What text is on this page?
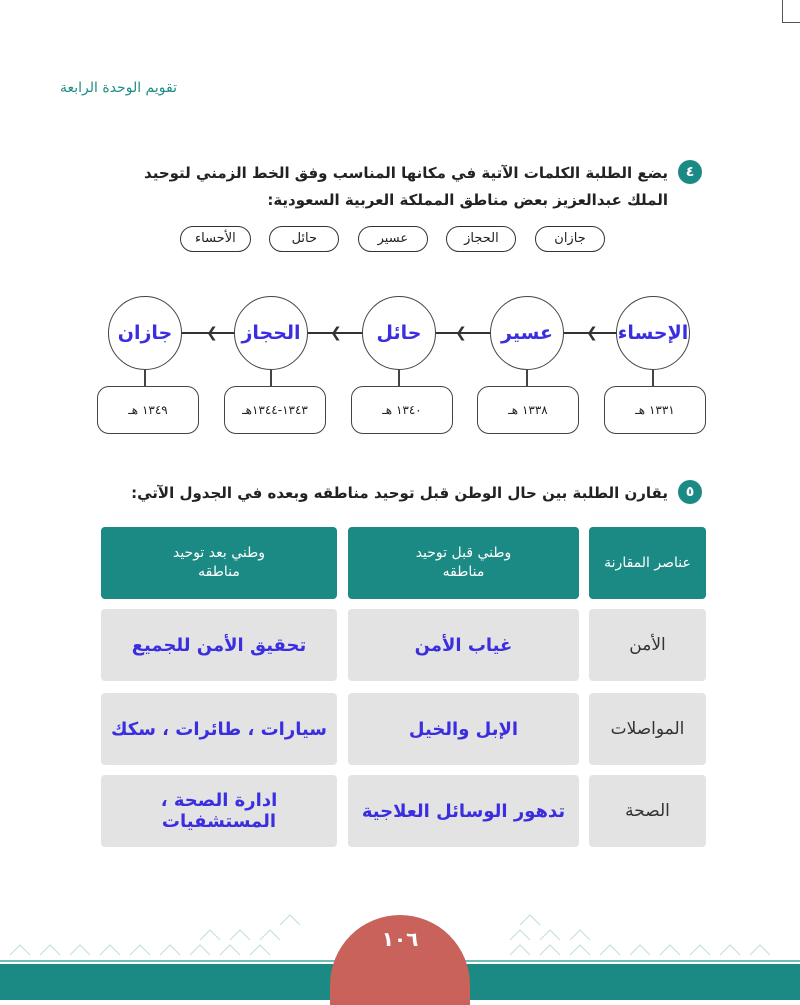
تقويم الوحدة الرابعة
٤
يضع الطلبة الكلمات الآتية في مكانها المناسب وفق الخط الزمني لتوحيد
الملك عبدالعزيز بعض مناطق المملكة العربية السعودية:
جازان
الحجاز
عسير
حائل
الأحساء
❮
❮
❮
❮	الإحساء
عسير
حائل
الحجاز
جازان
١٣٣١ هـ
١٣٣٨ هـ
١٣٤٠ هـ
١٣٤٣-١٣٤٤هـ
١٣٤٩ هـ
٥
يقارن الطلبة بين حال الوطن قبل توحيد مناطقه وبعده في الجدول الآتي:
عناصر المقارنة
وطني قبل توحيد مناطقه
وطني بعد توحيد مناطقه
الأمن
غياب الأمن
تحقيق الأمن للجميع
المواصلات
الإبل والخيل
سيارات ، طائرات ، سكك
الصحة
تدهور الوسائل العلاجية
ادارة الصحة ، المستشفيات
١٠٦
